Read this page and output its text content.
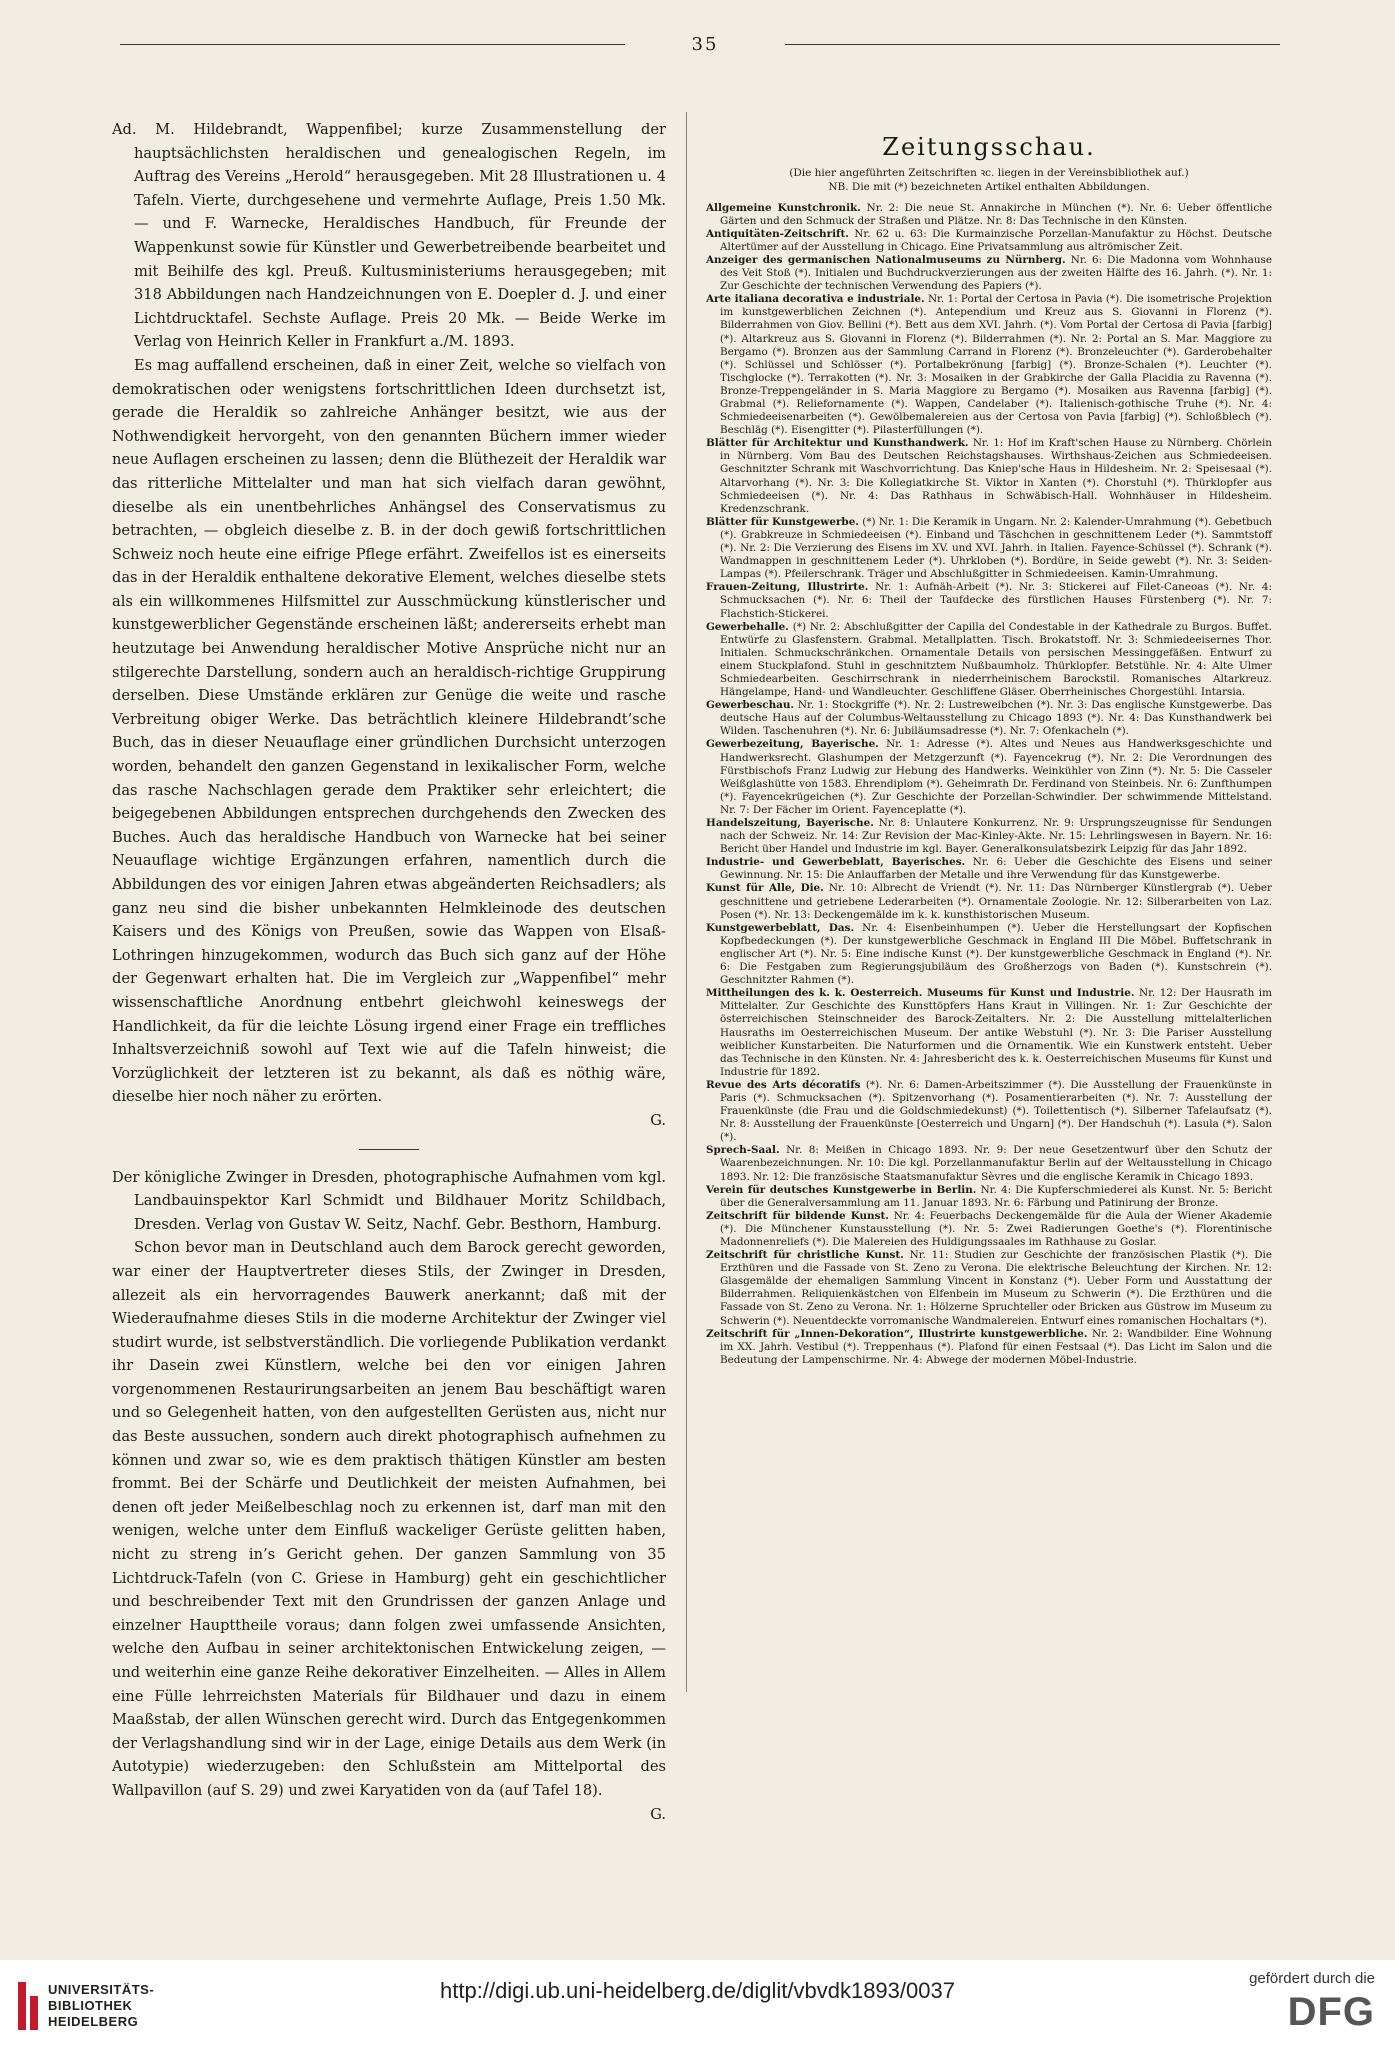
35

Ad. M. Hildebrandt, Wappenfibel; kurze Zusammenstellung der hauptsächlichsten heraldischen und genealogischen Regeln, im Auftrag des Vereins „Herold“ herausgegeben. Mit 28 Illustrationen u. 4 Tafeln. Vierte, durchgesehene und vermehrte Auflage, Preis 1.50 Mk. — und F. Warnecke, Heraldisches Handbuch, für Freunde der Wappenkunst sowie für Künstler und Gewerbetreibende bearbeitet und mit Beihilfe des kgl. Preuß. Kultusministeriums herausgegeben; mit 318 Abbildungen nach Handzeichnungen von E. Doepler d. J. und einer Lichtdrucktafel. Sechste Auflage. Preis 20 Mk. — Beide Werke im Verlag von Heinrich Keller in Frankfurt a./M. 1893.

Es mag auffallend erscheinen, daß in einer Zeit, welche so vielfach von demokratischen oder wenigstens fortschrittlichen Ideen durchsetzt ist, gerade die Heraldik so zahlreiche Anhänger besitzt, wie aus der Nothwendigkeit hervorgeht, von den genannten Büchern immer wieder neue Auflagen erscheinen zu lassen; denn die Blüthezeit der Heraldik war das ritterliche Mittelalter und man hat sich vielfach daran gewöhnt, dieselbe als ein unentbehrliches Anhängsel des Conservatismus zu betrachten, — obgleich dieselbe z. B. in der doch gewiß fortschrittlichen Schweiz noch heute eine eifrige Pflege erfährt. Zweifellos ist es einerseits das in der Heraldik enthaltene dekorative Element, welches dieselbe stets als ein willkommenes Hilfsmittel zur Ausschmückung künstlerischer und kunstgewerblicher Gegenstände erscheinen läßt; andererseits erhebt man heutzutage bei Anwendung heraldischer Motive Ansprüche nicht nur an stilgerechte Darstellung, sondern auch an heraldisch-richtige Gruppirung derselben. Diese Umstände erklären zur Genüge die weite und rasche Verbreitung obiger Werke. Das beträchtlich kleinere Hildebrandt’sche Buch, das in dieser Neuauflage einer gründlichen Durchsicht unterzogen worden, behandelt den ganzen Gegenstand in lexikalischer Form, welche das rasche Nachschlagen gerade dem Praktiker sehr erleichtert; die beigegebenen Abbildungen entsprechen durchgehends den Zwecken des Buches. Auch das heraldische Handbuch von Warnecke hat bei seiner Neuauflage wichtige Ergänzungen erfahren, namentlich durch die Abbildungen des vor einigen Jahren etwas abgeänderten Reichsadlers; als ganz neu sind die bisher unbekannten Helmkleinode des deutschen Kaisers und des Königs von Preußen, sowie das Wappen von Elsaß-Lothringen hinzugekommen, wodurch das Buch sich ganz auf der Höhe der Gegenwart erhalten hat. Die im Vergleich zur „Wappenfibel“ mehr wissenschaftliche Anordnung entbehrt gleichwohl keineswegs der Handlichkeit, da für die leichte Lösung irgend einer Frage ein treffliches Inhaltsverzeichniß sowohl auf Text wie auf die Tafeln hinweist; die Vorzüglichkeit der letzteren ist zu bekannt, als daß es nöthig wäre, dieselbe hier noch näher zu erörten.

G.

Der königliche Zwinger in Dresden, photographische Aufnahmen vom kgl. Landbauinspektor Karl Schmidt und Bildhauer Moritz Schildbach, Dresden. Verlag von Gustav W. Seitz, Nachf. Gebr. Besthorn, Hamburg.

Schon bevor man in Deutschland auch dem Barock gerecht geworden, war einer der Hauptvertreter dieses Stils, der Zwinger in Dresden, allezeit als ein hervorragendes Bauwerk anerkannt; daß mit der Wiederaufnahme dieses Stils in die moderne Architektur der Zwinger viel studirt wurde, ist selbstverständlich. Die vorliegende Publikation verdankt ihr Dasein zwei Künstlern, welche bei den vor einigen Jahren vorgenommenen Restaurirungsarbeiten an jenem Bau beschäftigt waren und so Gelegenheit hatten, von den aufgestellten Gerüsten aus, nicht nur das Beste aussuchen, sondern auch direkt photographisch aufnehmen zu können und zwar so, wie es dem praktisch thätigen Künstler am besten frommt. Bei der Schärfe und Deutlichkeit der meisten Aufnahmen, bei denen oft jeder Meißelbeschlag noch zu erkennen ist, darf man mit den wenigen, welche unter dem Einfluß wackeliger Gerüste gelitten haben, nicht zu streng in’s Gericht gehen. Der ganzen Sammlung von 35 Lichtdruck-Tafeln (von C. Griese in Hamburg) geht ein geschichtlicher und beschreibender Text mit den Grundrissen der ganzen Anlage und einzelner Haupttheile voraus; dann folgen zwei umfassende Ansichten, welche den Aufbau in seiner architektonischen Entwickelung zeigen, — und weiterhin eine ganze Reihe dekorativer Einzelheiten. — Alles in Allem eine Fülle lehrreichsten Materials für Bildhauer und dazu in einem Maaßstab, der allen Wünschen gerecht wird. Durch das Entgegenkommen der Verlagshandlung sind wir in der Lage, einige Details aus dem Werk (in Autotypie) wiederzugeben: den Schlußstein am Mittelportal des Wallpavillon (auf S. 29) und zwei Karyatiden von da (auf Tafel 18).

G.

Zeitungsschau.
(Die hier angeführten Zeitschriften ꝛc. liegen in der Vereinsbibliothek auf.)
NB. Die mit (*) bezeichneten Artikel enthalten Abbildungen.

Allgemeine Kunstchronik. Nr. 2: Die neue St. Annakirche in München (*). Nr. 6: Ueber öffentliche Gärten und den Schmuck der Straßen und Plätze. Nr. 8: Das Technische in den Künsten.

Antiquitäten-Zeitschrift. Nr. 62 u. 63: Die Kurmainzische Porzellan-Manufaktur zu Höchst. Deutsche Altertümer auf der Ausstellung in Chicago. Eine Privatsammlung aus altrömischer Zeit.

Anzeiger des germanischen Nationalmuseums zu Nürnberg. Nr. 6: Die Madonna vom Wohnhause des Veit Stoß (*). Initialen und Buchdruckverzierungen aus der zweiten Hälfte des 16. Jahrh. (*). Nr. 1: Zur Geschichte der technischen Verwendung des Papiers (*).

Arte italiana decorativa e industriale. Nr. 1: Portal der Certosa in Pavia (*). Die isometrische Projektion im kunstgewerblichen Zeichnen (*). Antependium und Kreuz aus S. Giovanni in Florenz (*). Bilderrahmen von Giov. Bellini (*). Bett aus dem XVI. Jahrh. (*). Vom Portal der Certosa di Pavia [farbig] (*). Altarkreuz aus S. Giovanni in Florenz (*). Bilderrahmen (*). Nr. 2: Portal an S. Mar. Maggiore zu Bergamo (*). Bronzen aus der Sammlung Carrand in Florenz (*). Bronzeleuchter (*). Garderobehalter (*). Schlüssel und Schlösser (*). Portalbekrönung [farbig] (*). Bronze-Schalen (*). Leuchter (*). Tischglocke (*). Terrakotten (*). Nr. 3: Mosaiken in der Grabkirche der Galla Placidia zu Ravenna (*). Bronze-Treppengeländer in S. Maria Maggiore zu Bergamo (*). Mosaiken aus Ravenna [farbig] (*). Grabmal (*). Reliefornamente (*). Wappen, Candelaber (*). Italienisch-gothische Truhe (*). Nr. 4: Schmiedeeisenarbeiten (*). Gewölbemalereien aus der Certosa von Pavia [farbig] (*). Schloßblech (*). Beschläg (*). Eisengitter (*). Pilasterfüllungen (*).

Blätter für Architektur und Kunsthandwerk. Nr. 1: Hof im Kraft'schen Hause zu Nürnberg. Chörlein in Nürnberg. Vom Bau des Deutschen Reichstagshauses. Wirthshaus-Zeichen aus Schmiedeeisen. Geschnitzter Schrank mit Waschvorrichtung. Das Kniep'sche Haus in Hildesheim. Nr. 2: Speisesaal (*). Altarvorhang (*). Nr. 3: Die Kollegiatkirche St. Viktor in Xanten (*). Chorstuhl (*). Thürklopfer aus Schmiedeeisen (*). Nr. 4: Das Rathhaus in Schwäbisch-Hall. Wohnhäuser in Hildesheim. Kredenzschrank.

Blätter für Kunstgewerbe. (*) Nr. 1: Die Keramik in Ungarn. Nr. 2: Kalender-Umrahmung (*). Gebetbuch (*). Grabkreuze in Schmiedeeisen (*). Einband und Täschchen in geschnittenem Leder (*). Sammtstoff (*). Nr. 2: Die Verzierung des Eisens im XV. und XVI. Jahrh. in Italien. Fayence-Schüssel (*). Schrank (*). Wandmappen in geschnittenem Leder (*). Uhrkloben (*). Bordüre, in Seide gewebt (*). Nr. 3: Seiden-Lampas (*). Pfeilerschrank. Träger und Abschlußgitter in Schmiedeeisen. Kamin-Umrahmung.

Frauen-Zeitung, Illustrirte. Nr. 1: Aufnäh-Arbeit (*). Nr. 3: Stickerei auf Filet-Caneoas (*). Nr. 4: Schmucksachen (*). Nr. 6: Theil der Taufdecke des fürstlichen Hauses Fürstenberg (*). Nr. 7: Flachstich-Stickerei.

Gewerbehalle. (*) Nr. 2: Abschlußgitter der Capilla del Condestable in der Kathedrale zu Burgos. Buffet. Entwürfe zu Glasfenstern. Grabmal. Metallplatten. Tisch. Brokatstoff. Nr. 3: Schmiedeeisernes Thor. Initialen. Schmuckschränkchen. Ornamentale Details von persischen Messinggefäßen. Entwurf zu einem Stuckplafond. Stuhl in geschnitztem Nußbaumholz. Thürklopfer. Betstühle. Nr. 4: Alte Ulmer Schmiedearbeiten. Geschirrschrank in niederrheinischem Barockstil. Romanisches Altarkreuz. Hängelampe, Hand- und Wandleuchter. Geschliffene Gläser. Oberrheinisches Chorgestühl. Intarsia.

Gewerbeschau. Nr. 1: Stockgriffe (*). Nr. 2: Lustreweibchen (*). Nr. 3: Das englische Kunstgewerbe. Das deutsche Haus auf der Columbus-Weltausstellung zu Chicago 1893 (*). Nr. 4: Das Kunsthandwerk bei Wilden. Taschenuhren (*). Nr. 6: Jubiläumsadresse (*). Nr. 7: Ofenkacheln (*).

Gewerbezeitung, Bayerische. Nr. 1: Adresse (*). Altes und Neues aus Handwerksgeschichte und Handwerksrecht. Glashumpen der Metzgerzunft (*). Fayencekrug (*). Nr. 2: Die Verordnungen des Fürstbischofs Franz Ludwig zur Hebung des Handwerks. Weinkühler von Zinn (*). Nr. 5: Die Casseler Weißglashütte von 1583. Ehrendiplom (*). Geheimrath Dr. Ferdinand von Steinbeis. Nr. 6: Zunfthumpen (*). Fayencekrügeichen (*). Zur Geschichte der Porzellan-Schwindler. Der schwimmende Mittelstand. Nr. 7: Der Fächer im Orient. Fayenceplatte (*).

Handelszeitung, Bayerische. Nr. 8: Unlautere Konkurrenz. Nr. 9: Ursprungszeugnisse für Sendungen nach der Schweiz. Nr. 14: Zur Revision der Mac-Kinley-Akte. Nr. 15: Lehrlingswesen in Bayern. Nr. 16: Bericht über Handel und Industrie im kgl. Bayer. Generalkonsulatsbezirk Leipzig für das Jahr 1892.

Industrie- und Gewerbeblatt, Bayerisches. Nr. 6: Ueber die Geschichte des Eisens und seiner Gewinnung. Nr. 15: Die Anlauffarben der Metalle und ihre Verwendung für das Kunstgewerbe.

Kunst für Alle, Die. Nr. 10: Albrecht de Vriendt (*). Nr. 11: Das Nürnberger Künstlergrab (*). Ueber geschnittene und getriebene Lederarbeiten (*). Ornamentale Zoologie. Nr. 12: Silberarbeiten von Laz. Posen (*). Nr. 13: Deckengemälde im k. k. kunsthistorischen Museum.

Kunstgewerbeblatt, Das. Nr. 4: Eisenbeinhumpen (*). Ueber die Herstellungsart der Kopfischen Kopfbedeckungen (*). Der kunstgewerbliche Geschmack in England III Die Möbel. Buffetschrank in englischer Art (*). Nr. 5: Eine indische Kunst (*). Der kunstgewerbliche Geschmack in England (*). Nr. 6: Die Festgaben zum Regierungsjubiläum des Großherzogs von Baden (*). Kunstschrein (*). Geschnitzter Rahmen (*).

Mittheilungen des k. k. Oesterreich. Museums für Kunst und Industrie. Nr. 12: Der Hausrath im Mittelalter. Zur Geschichte des Kunsttöpfers Hans Kraut in Villingen. Nr. 1: Zur Geschichte der österreichischen Steinschneider des Barock-Zeitalters. Nr. 2: Die Ausstellung mittelalterlichen Hausraths im Oesterreichischen Museum. Der antike Webstuhl (*). Nr. 3: Die Pariser Ausstellung weiblicher Kunstarbeiten. Die Naturformen und die Ornamentik. Wie ein Kunstwerk entsteht. Ueber das Technische in den Künsten. Nr. 4: Jahresbericht des k. k. Oesterreichischen Museums für Kunst und Industrie für 1892.

Revue des Arts décoratifs (*). Nr. 6: Damen-Arbeitszimmer (*). Die Ausstellung der Frauenkünste in Paris (*). Schmucksachen (*). Spitzenvorhang (*). Posamentierarbeiten (*). Nr. 7: Ausstellung der Frauenkünste (die Frau und die Goldschmiedekunst) (*). Toilettentisch (*). Silberner Tafelaufsatz (*). Nr. 8: Ausstellung der Frauenkünste [Oesterreich und Ungarn] (*). Der Handschuh (*). Lasula (*). Salon (*).

Sprech-Saal. Nr. 8: Meißen in Chicago 1893. Nr. 9: Der neue Gesetzentwurf über den Schutz der Waarenbezeichnungen. Nr. 10: Die kgl. Porzellanmanufaktur Berlin auf der Weltausstellung in Chicago 1893. Nr. 12: Die französische Staatsmanufaktur Sèvres und die englische Keramik in Chicago 1893.

Verein für deutsches Kunstgewerbe in Berlin. Nr. 4: Die Kupferschmiederei als Kunst. Nr. 5: Bericht über die Generalversammlung am 11. Januar 1893. Nr. 6: Färbung und Patinirung der Bronze.

Zeitschrift für bildende Kunst. Nr. 4: Feuerbachs Deckengemälde für die Aula der Wiener Akademie (*). Die Münchener Kunstausstellung (*). Nr. 5: Zwei Radierungen Goethe's (*). Florentinische Madonnenreliefs (*). Die Malereien des Huldigungssaales im Rathhause zu Goslar.

Zeitschrift für christliche Kunst. Nr. 11: Studien zur Geschichte der französischen Plastik (*). Die Erzthüren und die Fassade von St. Zeno zu Verona. Die elektrische Beleuchtung der Kirchen. Nr. 12: Glasgemälde der ehemaligen Sammlung Vincent in Konstanz (*). Ueber Form und Ausstattung der Bilderrahmen. Reliquienkästchen von Elfenbein im Museum zu Schwerin (*). Die Erzthüren und die Fassade von St. Zeno zu Verona. Nr. 1: Hölzerne Spruchteller oder Bricken aus Güstrow im Museum zu Schwerin (*). Neuentdeckte vorromanische Wandmalereien. Entwurf eines romanischen Hochaltars (*).

Zeitschrift für „Innen-Dekoration“, Illustrirte kunstgewerbliche. Nr. 2: Wandbilder. Eine Wohnung im XX. Jahrh. Vestibul (*). Treppenhaus (*). Plafond für einen Festsaal (*). Das Licht im Salon und die Bedeutung der Lampenschirme. Nr. 4: Abwege der modernen Möbel-Industrie.

UNIVERSITÄTS-
BIBLIOTHEK
HEIDELBERG
http://digi.ub.uni-heidelberg.de/diglit/vbvdk1893/0037	gefördert durch die
DFG
